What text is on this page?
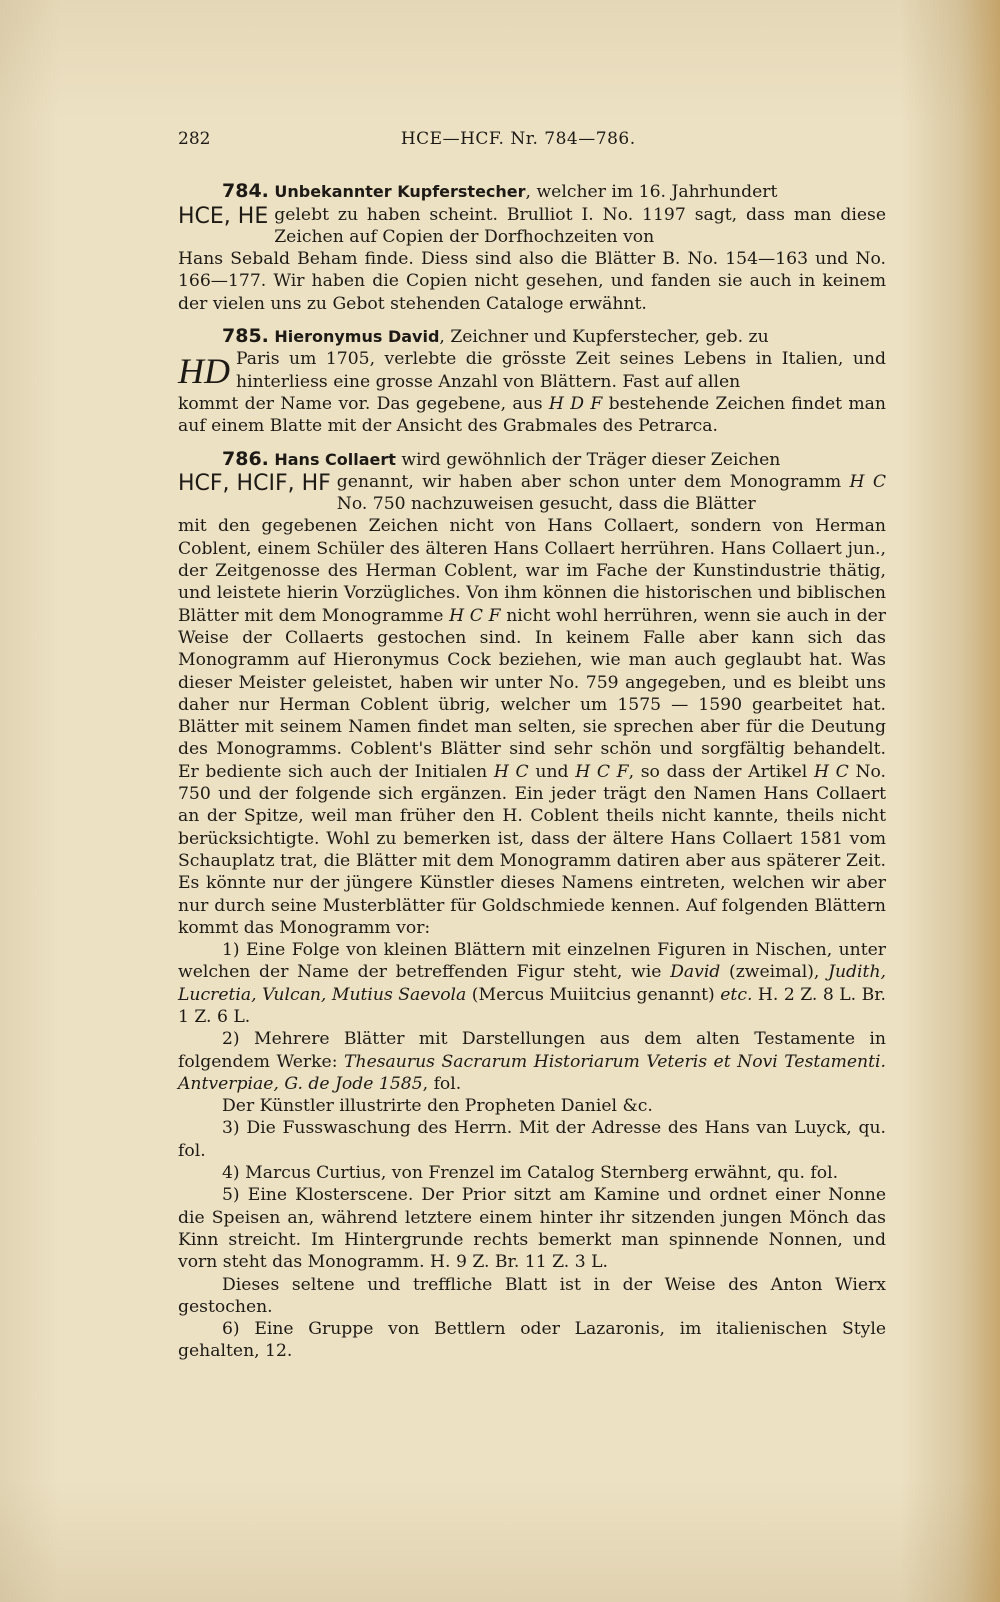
282	HCE—HCF. Nr. 784—786.

784. Unbekannter Kupferstecher, welcher im 16. Jahrhundert

HCE, HE gelebt zu haben scheint. Brulliot I. No. 1197 sagt, dass man diese Zeichen auf Copien der Dorfhochzeiten von

Hans Sebald Beham finde. Diess sind also die Blätter B. No. 154—163 und No. 166—177. Wir haben die Copien nicht gesehen, und fanden sie auch in keinem der vielen uns zu Gebot stehenden Cataloge erwähnt.

785. Hieronymus David, Zeichner und Kupferstecher, geb. zu

HD Paris um 1705, verlebte die grösste Zeit seines Lebens in Italien, und hinterliess eine grosse Anzahl von Blättern. Fast auf allen

kommt der Name vor. Das gegebene, aus H D F bestehende Zeichen findet man auf einem Blatte mit der Ansicht des Grabmales des Petrarca.

786. Hans Collaert wird gewöhnlich der Träger dieser Zeichen

HCF, HCIF, HF genannt, wir haben aber schon unter dem Monogramm H C No. 750 nachzuweisen gesucht, dass die Blätter

mit den gegebenen Zeichen nicht von Hans Collaert, sondern von Herman Coblent, einem Schüler des älteren Hans Collaert herrühren. Hans Collaert jun., der Zeitgenosse des Herman Coblent, war im Fache der Kunstindustrie thätig, und leistete hierin Vorzügliches. Von ihm können die historischen und biblischen Blätter mit dem Monogramme H C F nicht wohl herrühren, wenn sie auch in der Weise der Collaerts gestochen sind. In keinem Falle aber kann sich das Monogramm auf Hieronymus Cock beziehen, wie man auch geglaubt hat. Was dieser Meister geleistet, haben wir unter No. 759 angegeben, und es bleibt uns daher nur Herman Coblent übrig, welcher um 1575 — 1590 gearbeitet hat. Blätter mit seinem Namen findet man selten, sie sprechen aber für die Deutung des Monogramms. Coblent's Blätter sind sehr schön und sorgfältig behandelt. Er bediente sich auch der Initialen H C und H C F, so dass der Artikel H C No. 750 und der folgende sich ergänzen. Ein jeder trägt den Namen Hans Collaert an der Spitze, weil man früher den H. Coblent theils nicht kannte, theils nicht berücksichtigte. Wohl zu bemerken ist, dass der ältere Hans Collaert 1581 vom Schauplatz trat, die Blätter mit dem Monogramm datiren aber aus späterer Zeit. Es könnte nur der jüngere Künstler dieses Namens eintreten, welchen wir aber nur durch seine Musterblätter für Goldschmiede kennen. Auf folgenden Blättern kommt das Monogramm vor:

1) Eine Folge von kleinen Blättern mit einzelnen Figuren in Nischen, unter welchen der Name der betreffenden Figur steht, wie David (zweimal), Judith, Lucretia, Vulcan, Mutius Saevola (Mercus Muiitcius genannt) etc. H. 2 Z. 8 L. Br. 1 Z. 6 L.

2) Mehrere Blätter mit Darstellungen aus dem alten Testamente in folgendem Werke: Thesaurus Sacrarum Historiarum Veteris et Novi Testamenti. Antverpiae, G. de Jode 1585, fol.

Der Künstler illustrirte den Propheten Daniel &c.

3) Die Fusswaschung des Herrn. Mit der Adresse des Hans van Luyck, qu. fol.

4) Marcus Curtius, von Frenzel im Catalog Sternberg erwähnt, qu. fol.

5) Eine Klosterscene. Der Prior sitzt am Kamine und ordnet einer Nonne die Speisen an, während letztere einem hinter ihr sitzenden jungen Mönch das Kinn streicht. Im Hintergrunde rechts bemerkt man spinnende Nonnen, und vorn steht das Monogramm. H. 9 Z. Br. 11 Z. 3 L.

Dieses seltene und treffliche Blatt ist in der Weise des Anton Wierx gestochen.

6) Eine Gruppe von Bettlern oder Lazaronis, im italienischen Style gehalten, 12.
